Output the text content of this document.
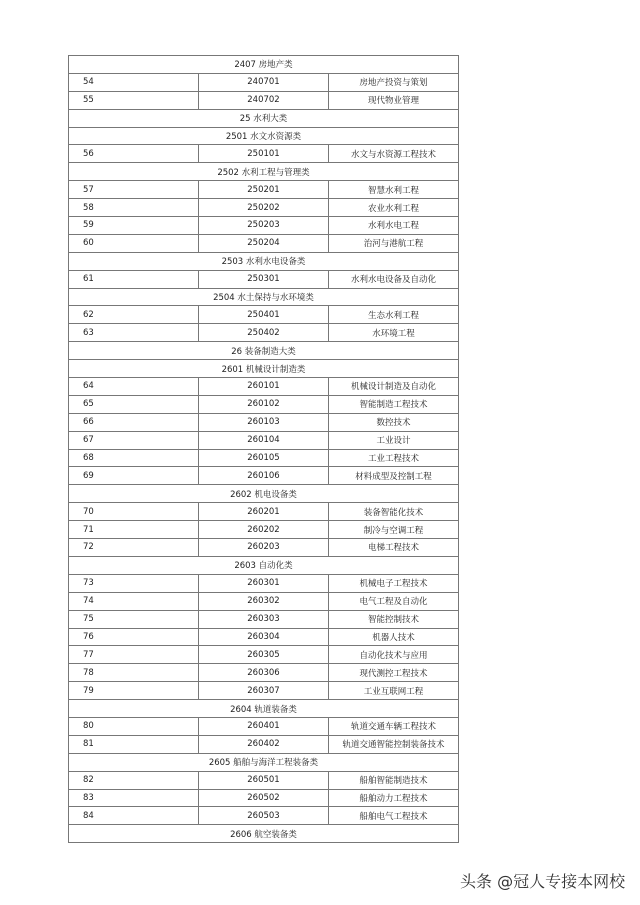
2407 房地产类		
54	240701	房地产投资与策划
55	240702	现代物业管理
25 水利大类		
2501 水文水资源类		
56	250101	水文与水资源工程技术
2502 水利工程与管理类		
57	250201	智慧水利工程
58	250202	农业水利工程
59	250203	水利水电工程
60	250204	治河与港航工程
2503 水利水电设备类		
61	250301	水利水电设备及自动化
2504 水土保持与水环境类		
62	250401	生态水利工程
63	250402	水环境工程
26 装备制造大类		
2601 机械设计制造类		
64	260101	机械设计制造及自动化
65	260102	智能制造工程技术
66	260103	数控技术
67	260104	工业设计
68	260105	工业工程技术
69	260106	材料成型及控制工程
2602 机电设备类		
70	260201	装备智能化技术
71	260202	制冷与空调工程
72	260203	电梯工程技术
2603 自动化类		
73	260301	机械电子工程技术
74	260302	电气工程及自动化
75	260303	智能控制技术
76	260304	机器人技术
77	260305	自动化技术与应用
78	260306	现代测控工程技术
79	260307	工业互联网工程
2604 轨道装备类		
80	260401	轨道交通车辆工程技术
81	260402	轨道交通智能控制装备技术
2605 船舶与海洋工程装备类		
82	260501	船舶智能制造技术
83	260502	船舶动力工程技术
84	260503	船舶电气工程技术
2606 航空装备类		
头条 @冠人专接本网校
